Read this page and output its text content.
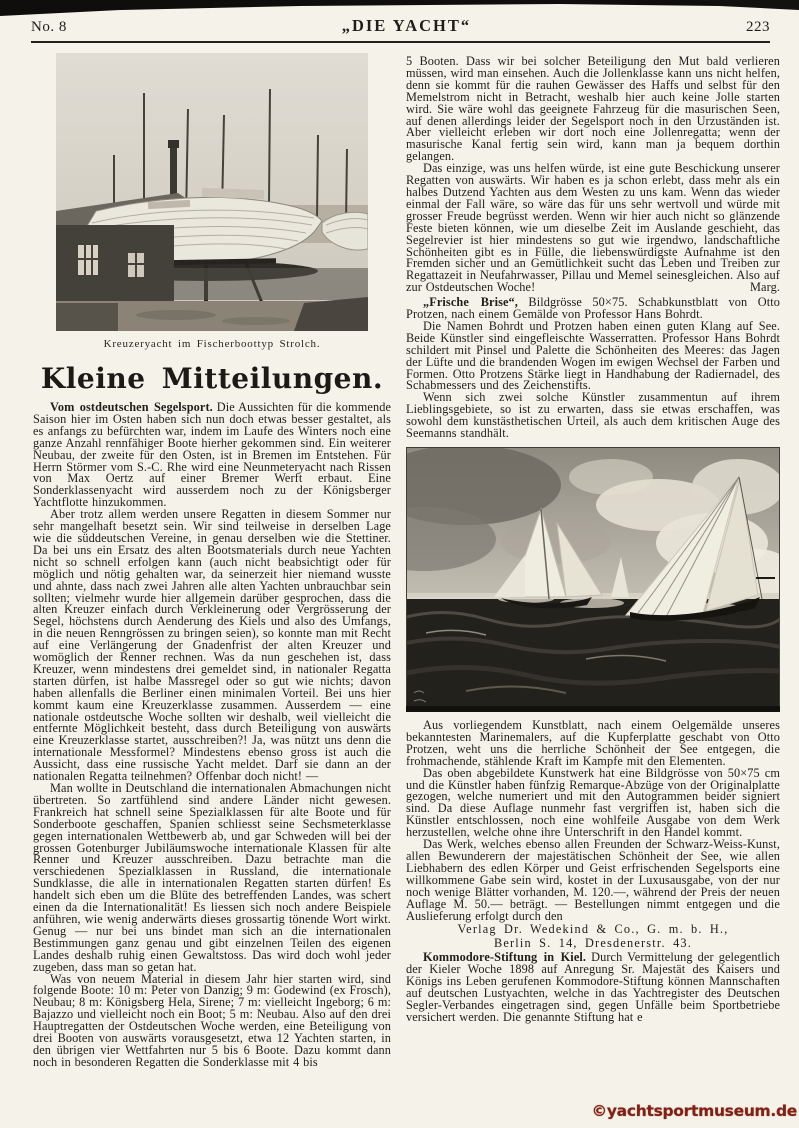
No. 8	„DIE YACHT“	223

Kreuzeryacht im Fischerboottyp Strolch.

Kleine Mitteilungen.

Vom ostdeutschen Segelsport. Die Aussichten für die kommende Saison hier im Osten haben sich nun doch etwas besser gestaltet, als es anfangs zu befürchten war, indem im Laufe des Winters noch eine ganze Anzahl rennfähiger Boote hierher gekommen sind. Ein weiterer Neubau, der zweite für den Osten, ist in Bremen im Entstehen. Für Herrn Störmer vom S.-C. Rhe wird eine Neunmeteryacht nach Rissen von Max Oertz auf einer Bremer Werft erbaut. Eine Sonderklassenyacht wird ausserdem noch zu der Königsberger Yachtflotte hinzukommen.

Aber trotz allem werden unsere Regatten in diesem Sommer nur sehr mangelhaft besetzt sein. Wir sind teilweise in derselben Lage wie die süddeutschen Vereine, in genau derselben wie die Stettiner. Da bei uns ein Ersatz des alten Bootsmaterials durch neue Yachten nicht so schnell erfolgen kann (auch nicht beabsichtigt oder für möglich und nötig gehalten war, da seinerzeit hier niemand wusste und ahnte, dass nach zwei Jahren alle alten Yachten unbrauchbar sein sollten; vielmehr wurde hier allgemein darüber gesprochen, dass die alten Kreuzer einfach durch Verkleinerung oder Vergrösserung der Segel, höchstens durch Aenderung des Kiels und also des Umfangs, in die neuen Renngrössen zu bringen seien), so konnte man mit Recht auf eine Verlängerung der Gnadenfrist der alten Kreuzer und womöglich der Renner rechnen. Was da nun geschehen ist, dass Kreuzer, wenn mindestens drei gemeldet sind, in nationaler Regatta starten dürfen, ist halbe Massregel oder so gut wie nichts; davon haben allenfalls die Berliner einen minimalen Vorteil. Bei uns hier kommt kaum eine Kreuzerklasse zusammen. Ausserdem — eine nationale ostdeutsche Woche sollten wir deshalb, weil vielleicht die entfernte Möglichkeit besteht, dass durch Beteiligung von auswärts eine Kreuzerklasse startet, ausschreiben?! Ja, was nützt uns denn die internationale Messformel? Mindestens ebenso gross ist auch die Aussicht, dass eine russische Yacht meldet. Darf sie dann an der nationalen Regatta teilnehmen? Offenbar doch nicht! —

Man wollte in Deutschland die internationalen Abmachungen nicht übertreten. So zartfühlend sind andere Länder nicht gewesen. Frankreich hat schnell seine Spezialklassen für alte Boote und für Sonderboote geschaffen, Spanien schliesst seine Sechsmeterklasse gegen internationalen Wettbewerb ab, und gar Schweden will bei der grossen Gotenburger Jubiläumswoche internationale Klassen für alte Renner und Kreuzer ausschreiben. Dazu betrachte man die verschiedenen Spezialklassen in Russland, die internationale Sundklasse, die alle in internationalen Regatten starten dürfen! Es handelt sich eben um die Blüte des betreffenden Landes, was schert einen da die Internationalität! Es liessen sich noch andere Beispiele anführen, wie wenig anderwärts dieses grossartig tönende Wort wirkt. Genug — nur bei uns bindet man sich an die internationalen Bestimmungen ganz genau und gibt einzelnen Teilen des eigenen Landes deshalb ruhig einen Gewaltstoss. Das wird doch wohl jeder zugeben, dass man so getan hat.

Was von neuem Material in diesem Jahr hier starten wird, sind folgende Boote: 10 m: Peter von Danzig; 9 m: Godewind (ex Frosch), Neubau; 8 m: Königsberg Hela, Sirene; 7 m: vielleicht Ingeborg; 6 m: Bajazzo und vielleicht noch ein Boot; 5 m: Neubau. Also auf den drei Hauptregatten der Ostdeutschen Woche werden, eine Beteiligung von drei Booten von auswärts vorausgesetzt, etwa 12 Yachten starten, in den übrigen vier Wettfahrten nur 5 bis 6 Boote. Dazu kommt dann noch in besonderen Regatten die Sonderklasse mit 4 bis

5 Booten. Dass wir bei solcher Beteiligung den Mut bald verlieren müssen, wird man einsehen. Auch die Jollenklasse kann uns nicht helfen, denn sie kommt für die rauhen Gewässer des Haffs und selbst für den Memelstrom nicht in Betracht, weshalb hier auch keine Jolle starten wird. Sie wäre wohl das geeignete Fahrzeug für die masurischen Seen, auf denen allerdings leider der Segelsport noch in den Urzuständen ist. Aber vielleicht erleben wir dort noch eine Jollenregatta; wenn der masurische Kanal fertig sein wird, kann man ja bequem dorthin gelangen.

Das einzige, was uns helfen würde, ist eine gute Beschickung unserer Regatten von auswärts. Wir haben es ja schon erlebt, dass mehr als ein halbes Dutzend Yachten aus dem Westen zu uns kam. Wenn das wieder einmal der Fall wäre, so wäre das für uns sehr wertvoll und würde mit grosser Freude begrüsst werden. Wenn wir hier auch nicht so glänzende Feste bieten können, wie um dieselbe Zeit im Auslande geschieht, das Segelrevier ist hier mindestens so gut wie irgendwo, landschaftliche Schönheiten gibt es in Fülle, die liebenswürdigste Aufnahme ist den Fremden sicher und an Gemütlichkeit sucht das Leben und Treiben zur Regattazeit in Neufahrwasser, Pillau und Memel seinesgleichen. Also auf zur Ostdeutschen Woche!	Marg.

„Frische Brise“, Bildgrösse 50×75. Schabkunstblatt von Otto Protzen, nach einem Gemälde von Professor Hans Bohrdt.

Die Namen Bohrdt und Protzen haben einen guten Klang auf See. Beide Künstler sind eingefleischte Wasserratten. Professor Hans Bohrdt schildert mit Pinsel und Palette die Schönheiten des Meeres: das Jagen der Lüfte und die brandenden Wogen im ewigen Wechsel der Farben und Formen. Otto Protzens Stärke liegt in Handhabung der Radiernadel, des Schabmessers und des Zeichenstifts.

Wenn sich zwei solche Künstler zusammentun auf ihrem Lieblingsgebiete, so ist zu erwarten, dass sie etwas erschaffen, was sowohl dem kunstästhetischen Urteil, als auch dem kritischen Auge des Seemanns standhält.

Aus vorliegendem Kunstblatt, nach einem Oelgemälde unseres bekanntesten Marinemalers, auf die Kupferplatte geschabt von Otto Protzen, weht uns die herrliche Schönheit der See entgegen, die frohmachende, stählende Kraft im Kampfe mit den Elementen.

Das oben abgebildete Kunstwerk hat eine Bildgrösse von 50×75 cm und die Künstler haben fünfzig Remarque-Abzüge von der Originalplatte gezogen, welche numeriert und mit den Autogrammen beider signiert sind. Da diese Auflage nunmehr fast vergriffen ist, haben sich die Künstler entschlossen, noch eine wohlfeile Ausgabe von dem Werk herzustellen, welche ohne ihre Unterschrift in den Handel kommt.

Das Werk, welches ebenso allen Freunden der Schwarz-Weiss-Kunst, allen Bewunderern der majestätischen Schönheit der See, wie allen Liebhabern des edlen Körper und Geist erfrischenden Segelsports eine willkommene Gabe sein wird, kostet in der Luxusausgabe, von der nur noch wenige Blätter vorhanden, M. 120.—, während der Preis der neuen Auflage M. 50.— beträgt. — Bestellungen nimmt entgegen und die Auslieferung erfolgt durch den

Verlag Dr. Wedekind & Co., G. m. b. H.,

Berlin S. 14, Dresdenerstr. 43.

Kommodore-Stiftung in Kiel. Durch Vermittelung der gelegentlich der Kieler Woche 1898 auf Anregung Sr. Majestät des Kaisers und Königs ins Leben gerufenen Kommodore-Stiftung können Mannschaften auf deutschen Lustyachten, welche in das Yachtregister des Deutschen Segler-Verbandes eingetragen sind, gegen Unfälle beim Sportbetriebe versichert werden. Die genannte Stiftung hat e

©yachtsportmuseum.de
